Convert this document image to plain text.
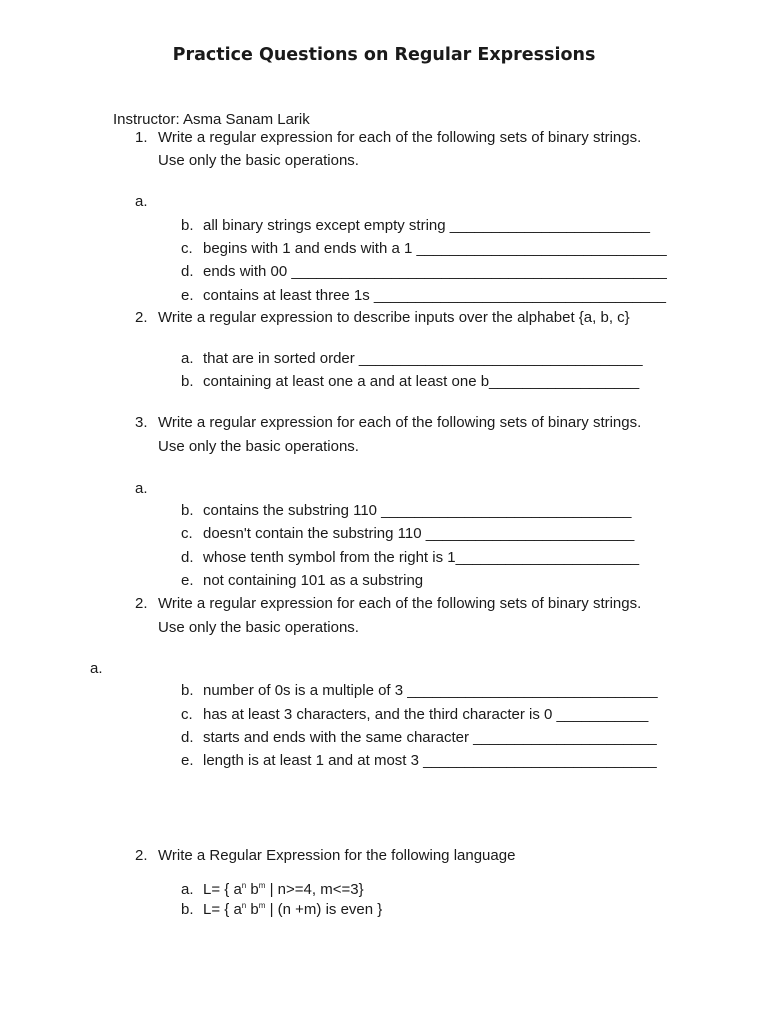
Practice Questions on Regular Expressions
Instructor: Asma Sanam Larik
1. Write a regular expression for each of the following sets of binary strings.
Use only the basic operations.
a.
b. all binary strings except empty string ________________________
c. begins with 1 and ends with a 1 ______________________________
d. ends with 00 _____________________________________________
e. contains at least three 1s ___________________________________
2. Write a regular expression to describe inputs over the alphabet {a, b, c}
a. that are in sorted order __________________________________
b. containing at least one a and at least one b__________________
3. Write a regular expression for each of the following sets of binary strings.
Use only the basic operations.
a.
b. contains the substring 110 ______________________________
c. doesn't contain the substring 110 _________________________
d. whose tenth symbol from the right is 1______________________
e. not containing 101 as a substring
2. Write a regular expression for each of the following sets of binary strings.
Use only the basic operations.
a.
b. number of 0s is a multiple of 3 ______________________________
c. has at least 3 characters, and the third character is 0 ___________
d. starts and ends with the same character ______________________
e. length is at least 1 and at most 3 ____________________________
2. Write a Regular Expression for the following language
a. L= { $a^n$ $b^m$ | n>=4, m<=3}
b. L= { $a^n$ $b^m$ | (n +m) is even }
